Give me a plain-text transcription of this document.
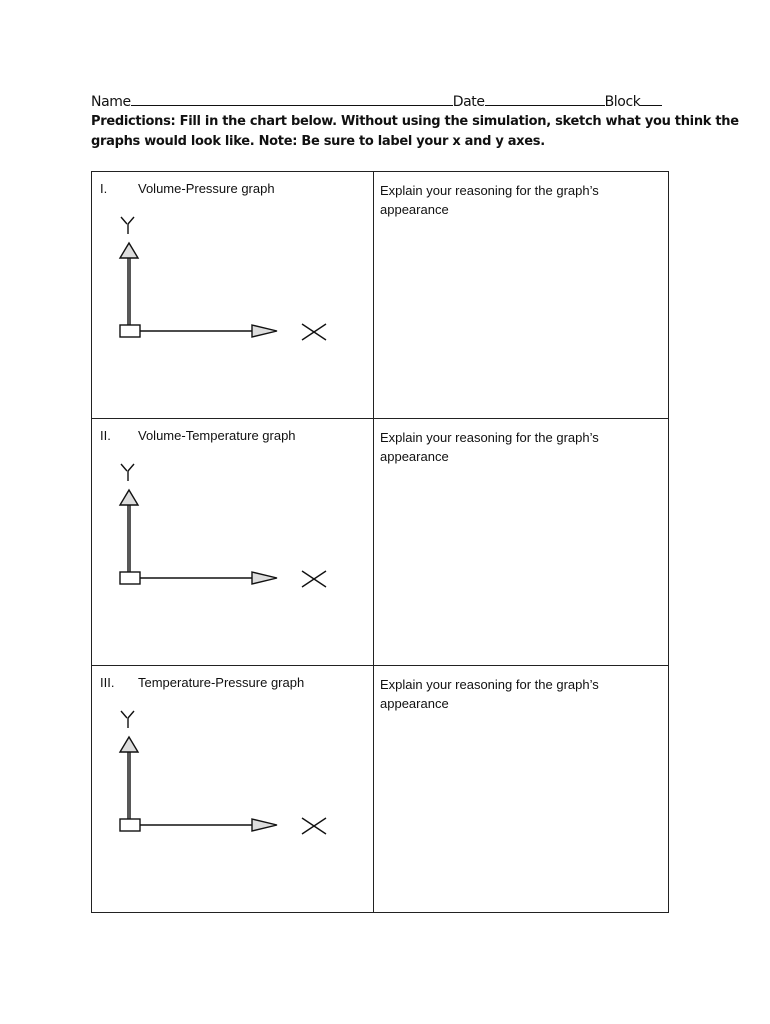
Name	Date	Block
Predictions: Fill in the chart below. Without using the simulation, sketch what you think the
graphs would look like. Note: Be sure to label your x and y axes.
I. Volume-Pressure graph	Explain your reasoning for the graph’s appearance

II. Volume-Temperature graph	Explain your reasoning for the graph’s appearance

III. Temperature-Pressure graph	Explain your reasoning for the graph’s appearance
